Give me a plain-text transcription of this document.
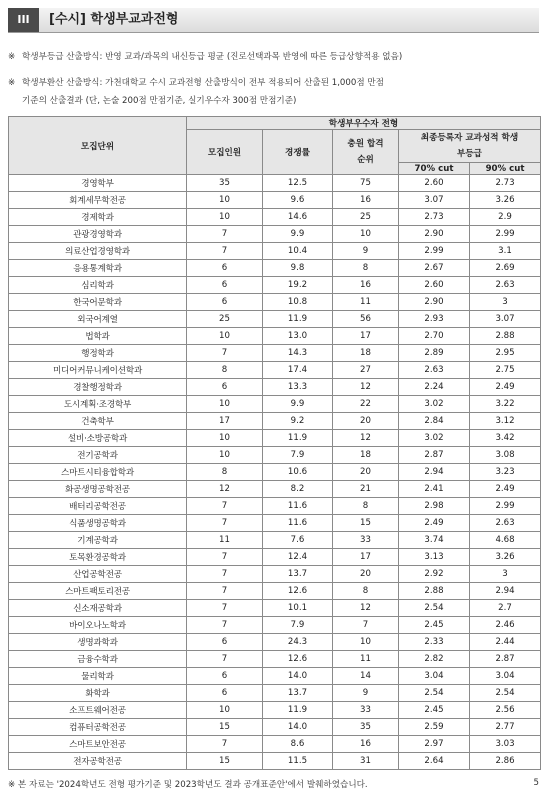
III	[수시] 학생부교과전형
※ 학생부등급 산출방식: 반영 교과/과목의 내신등급 평균 (진로선택과목 반영에 따른 등급상향적용 없음)
※ 학생부환산 산출방식: 가천대학교 수시 교과전형 산출방식이 전부 적용되어 산출된 1,000점 만점
기준의 산출결과 (단, 논술 200점 만점기준, 실기우수자 300점 만점기준)
모집단위	학생부우수자 전형				
	모집인원	경쟁률	충원 합격 순위	최종등록자 교과성적 학생부등급	

				70% cut	90% cut
경영학부	35	12.5	75	2.60	2.73
회계세무학전공	10	9.6	16	3.07	3.26
경제학과	10	14.6	25	2.73	2.9
관광경영학과	7	9.9	10	2.90	2.99
의료산업경영학과	7	10.4	9	2.99	3.1
응용통계학과	6	9.8	8	2.67	2.69
심리학과	6	19.2	16	2.60	2.63
한국어문학과	6	10.8	11	2.90	3
외국어계열	25	11.9	56	2.93	3.07
법학과	10	13.0	17	2.70	2.88
행정학과	7	14.3	18	2.89	2.95
미디어커뮤니케이션학과	8	17.4	27	2.63	2.75
경찰행정학과	6	13.3	12	2.24	2.49
도시계획·조경학부	10	9.9	22	3.02	3.22
건축학부	17	9.2	20	2.84	3.12
설비·소방공학과	10	11.9	12	3.02	3.42
전기공학과	10	7.9	18	2.87	3.08
스마트시티융합학과	8	10.6	20	2.94	3.23
화공생명공학전공	12	8.2	21	2.41	2.49
배터리공학전공	7	11.6	8	2.98	2.99
식품생명공학과	7	11.6	15	2.49	2.63
기계공학과	11	7.6	33	3.74	4.68
토목환경공학과	7	12.4	17	3.13	3.26
산업공학전공	7	13.7	20	2.92	3
스마트팩토리전공	7	12.6	8	2.88	2.94
신소재공학과	7	10.1	12	2.54	2.7
바이오나노학과	7	7.9	7	2.45	2.46
생명과학과	6	24.3	10	2.33	2.44
금융수학과	7	12.6	11	2.82	2.87
물리학과	6	14.0	14	3.04	3.04
화학과	6	13.7	9	2.54	2.54
소프트웨어전공	10	11.9	33	2.45	2.56
컴퓨터공학전공	15	14.0	35	2.59	2.77
스마트보안전공	7	8.6	16	2.97	3.03
전자공학전공	15	11.5	31	2.64	2.86
※ 본 자료는 '2024학년도 전형 평가기준 및 2023학년도 결과 공개표준안'에서 발췌하였습니다.	5
